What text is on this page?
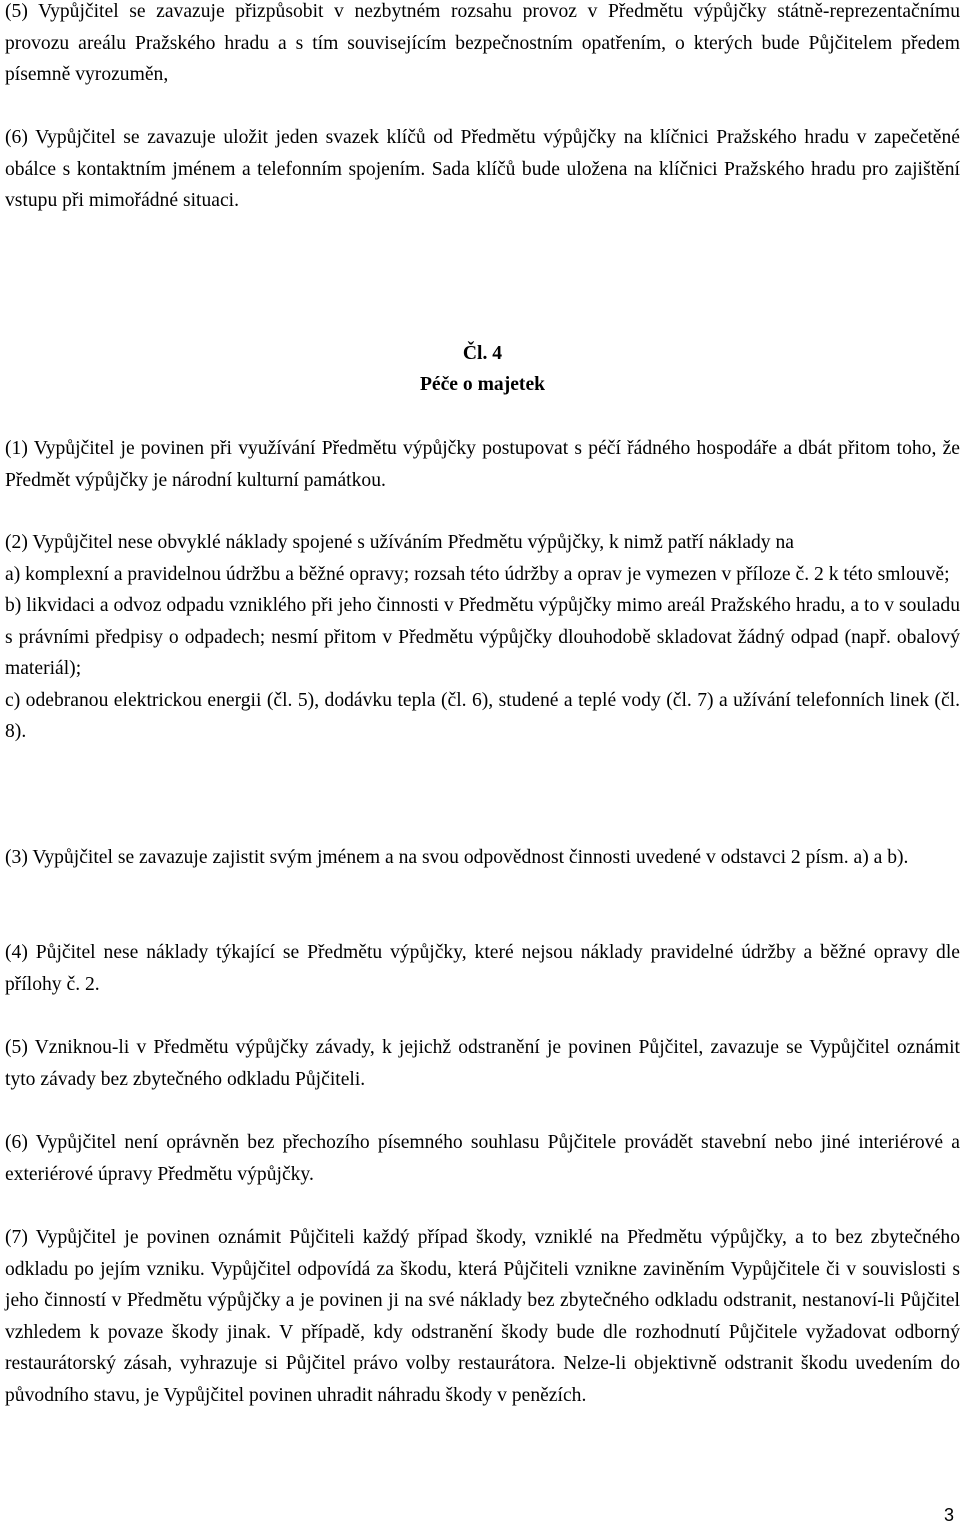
(5) Vypůjčitel se zavazuje přizpůsobit v nezbytném rozsahu provoz v Předmětu výpůjčky státně-reprezentačnímu provozu areálu Pražského hradu a s tím souvisejícím bezpečnostním opatřením, o kterých bude Půjčitelem předem písemně vyrozuměn,

(6) Vypůjčitel se zavazuje uložit jeden svazek klíčů od Předmětu výpůjčky na klíčnici Pražského hradu v zapečetěné obálce s kontaktním jménem a telefonním spojením. Sada klíčů bude uložena na klíčnici Pražského hradu pro zajištění vstupu při mimořádné situaci.

Čl. 4

Péče o majetek

(1) Vypůjčitel je povinen při využívání Předmětu výpůjčky postupovat s péčí řádného hospodáře a dbát přitom toho, že Předmět výpůjčky je národní kulturní památkou.

(2) Vypůjčitel nese obvyklé náklady spojené s užíváním Předmětu výpůjčky, k nimž patří náklady na

a) komplexní a pravidelnou údržbu a běžné opravy; rozsah této údržby a oprav je vymezen v příloze č. 2 k této smlouvě;

b) likvidaci a odvoz odpadu vzniklého při jeho činnosti v Předmětu výpůjčky mimo areál Pražského hradu, a to v souladu s právními předpisy o odpadech; nesmí přitom v Předmětu výpůjčky dlouhodobě skladovat žádný odpad (např. obalový materiál);

c) odebranou elektrickou energii (čl. 5), dodávku tepla (čl. 6), studené a teplé vody (čl. 7) a užívání telefonních linek (čl. 8).

(3) Vypůjčitel se zavazuje zajistit svým jménem a na svou odpovědnost činnosti uvedené v odstavci 2 písm. a) a b).

(4) Půjčitel nese náklady týkající se Předmětu výpůjčky, které nejsou náklady pravidelné údržby a běžné opravy dle přílohy č. 2.

(5) Vzniknou-li v Předmětu výpůjčky závady, k jejichž odstranění je povinen Půjčitel, zavazuje se Vypůjčitel oznámit tyto závady bez zbytečného odkladu Půjčiteli.

(6) Vypůjčitel není oprávněn bez přechozího písemného souhlasu Půjčitele provádět stavební nebo jiné interiérové a exteriérové úpravy Předmětu výpůjčky.

(7) Vypůjčitel je povinen oznámit Půjčiteli každý případ škody, vzniklé na Předmětu výpůjčky, a to bez zbytečného odkladu po jejím vzniku. Vypůjčitel odpovídá za škodu, která Půjčiteli vznikne zaviněním Vypůjčitele či v souvislosti s jeho činností v Předmětu výpůjčky a je povinen ji na své náklady bez zbytečného odkladu odstranit, nestanoví-li Půjčitel vzhledem k povaze škody jinak. V případě, kdy odstranění škody bude dle rozhodnutí Půjčitele vyžadovat odborný restaurátorský zásah, vyhrazuje si Půjčitel právo volby restaurátora. Nelze-li objektivně odstranit škodu uvedením do původního stavu, je Vypůjčitel povinen uhradit náhradu škody v penězích.

3
